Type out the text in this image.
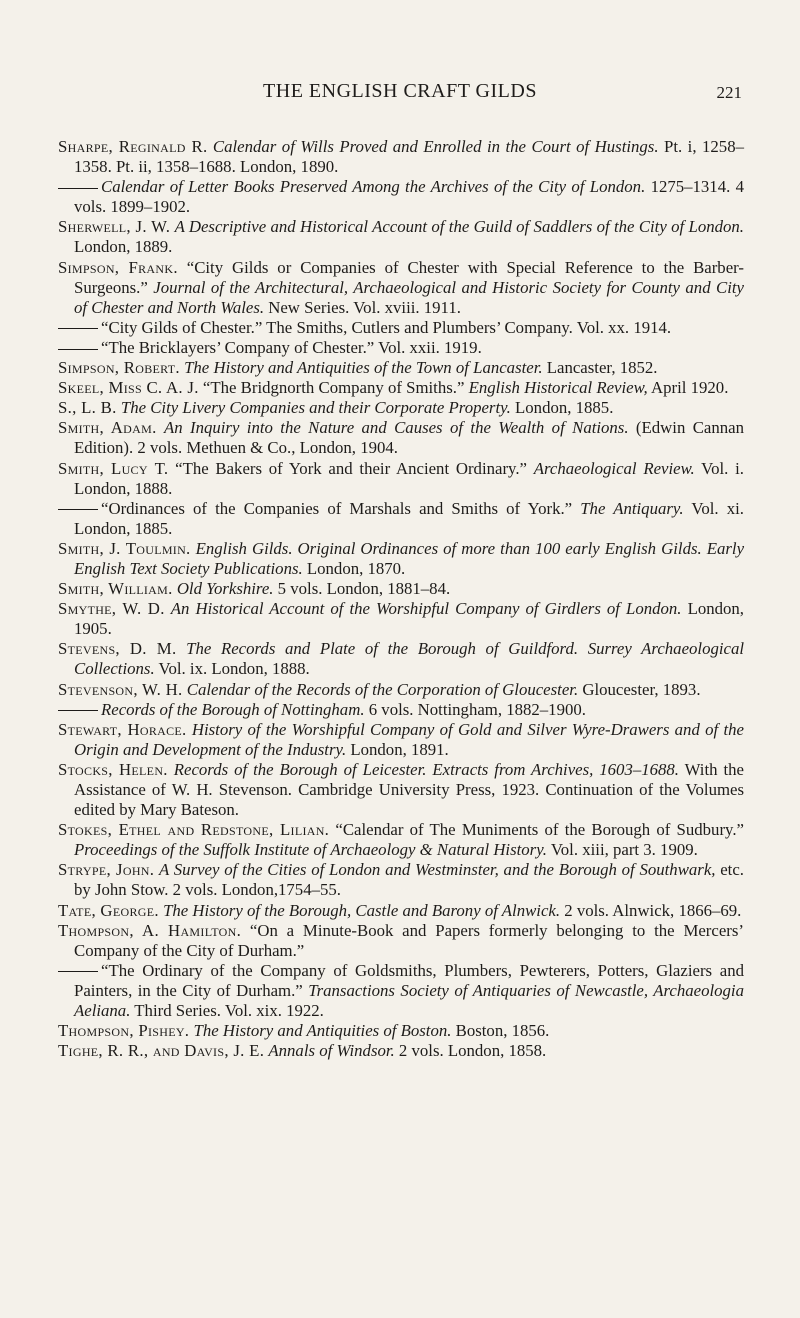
THE ENGLISH CRAFT GILDS	221

Sharpe, Reginald R. Calendar of Wills Proved and Enrolled in the Court of Hustings. Pt. i, 1258–1358. Pt. ii, 1358–1688. London, 1890.

Calendar of Letter Books Preserved Among the Archives of the City of London. 1275–1314. 4 vols. 1899–1902.

Sherwell, J. W. A Descriptive and Historical Account of the Guild of Saddlers of the City of London. London, 1889.

Simpson, Frank. “City Gilds or Companies of Chester with Special Reference to the Barber-Surgeons.” Journal of the Architectural, Archaeological and Historic Society for County and City of Chester and North Wales. New Series. Vol. xviii. 1911.

“City Gilds of Chester.” The Smiths, Cutlers and Plumbers’ Company. Vol. xx. 1914.

“The Bricklayers’ Company of Chester.” Vol. xxii. 1919.

Simpson, Robert. The History and Antiquities of the Town of Lancaster. Lancaster, 1852.

Skeel, Miss C. A. J. “The Bridgnorth Company of Smiths.” English Historical Review, April 1920.

S., L. B. The City Livery Companies and their Corporate Property. London, 1885.

Smith, Adam. An Inquiry into the Nature and Causes of the Wealth of Nations. (Edwin Cannan Edition). 2 vols. Methuen & Co., London, 1904.

Smith, Lucy T. “The Bakers of York and their Ancient Ordinary.” Archaeological Review. Vol. i. London, 1888.

“Ordinances of the Companies of Marshals and Smiths of York.” The Antiquary. Vol. xi. London, 1885.

Smith, J. Toulmin. English Gilds. Original Ordinances of more than 100 early English Gilds. Early English Text Society Publications. London, 1870.

Smith, William. Old Yorkshire. 5 vols. London, 1881–84.

Smythe, W. D. An Historical Account of the Worshipful Company of Girdlers of London. London, 1905.

Stevens, D. M. The Records and Plate of the Borough of Guildford. Surrey Archaeological Collections. Vol. ix. London, 1888.

Stevenson, W. H. Calendar of the Records of the Corporation of Gloucester. Gloucester, 1893.

Records of the Borough of Nottingham. 6 vols. Nottingham, 1882–1900.

Stewart, Horace. History of the Worshipful Company of Gold and Silver Wyre-Drawers and of the Origin and Development of the Industry. London, 1891.

Stocks, Helen. Records of the Borough of Leicester. Extracts from Archives, 1603–1688. With the Assistance of W. H. Stevenson. Cambridge University Press, 1923. Continuation of the Volumes edited by Mary Bateson.

Stokes, Ethel and Redstone, Lilian. “Calendar of The Muniments of the Borough of Sudbury.” Proceedings of the Suffolk Institute of Archaeology & Natural History. Vol. xiii, part 3. 1909.

Strype, John. A Survey of the Cities of London and Westminster, and the Borough of Southwark, etc. by John Stow. 2 vols. London,1754–55.

Tate, George. The History of the Borough, Castle and Barony of Alnwick. 2 vols. Alnwick, 1866–69.

Thompson, A. Hamilton. “On a Minute-Book and Papers formerly belonging to the Mercers’ Company of the City of Durham.”

“The Ordinary of the Company of Goldsmiths, Plumbers, Pewterers, Potters, Glaziers and Painters, in the City of Durham.” Transactions Society of Antiquaries of Newcastle, Archaeologia Aeliana. Third Series. Vol. xix. 1922.

Thompson, Pishey. The History and Antiquities of Boston. Boston, 1856.

Tighe, R. R., and Davis, J. E. Annals of Windsor. 2 vols. London, 1858.
